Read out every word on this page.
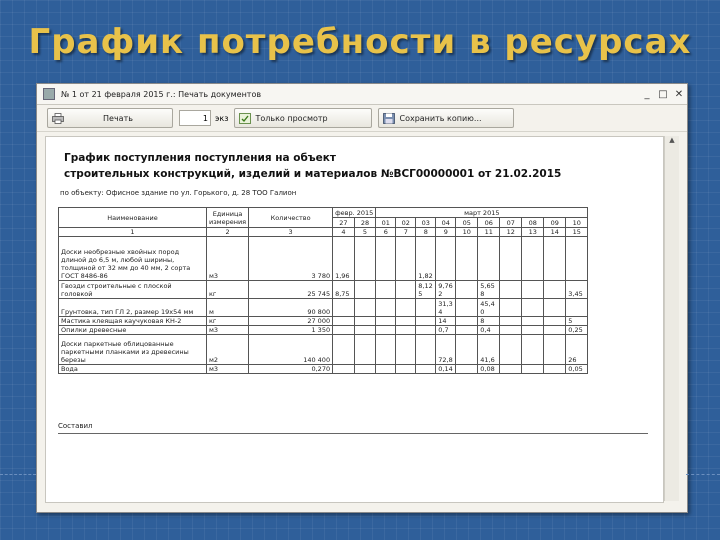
График потребности в ресурсах
№ 1 от 21 февраля 2015 г.: Печать документов	_ □ ✕
Печать
1	экз	Только просмотр	Сохранить копию...
График поступления поступления на объект
строительных конструкций, изделий и материалов №ВСГ00000001 от 21.02.2015
по объекту: Офисное здание по ул. Горького, д. 28 ТОО Галион
Наименование	Единица измерения	Количество	февр. 2015		март 2015									
			27	28	01	02	03	04	05	06	07	08	09	10
1	2	3	4	5	6	7	8	9	10	11	12	13	14	15
Доски необрезные хвойных пород длиной до 6,5 м, любой ширины, толщиной от 32 мм до 40 мм, 2 сорта ГОСТ 8486-86	м3	3 780	1,96				1,82							
Гвозди строительные с плоской головкой	кг	25 745	8,75				8,12 5	9,76 2		5,65 8				3,45
Грунтовка, тип ГЛ 2, размер 19x54 мм	м	90 800						31,3 4		45,4 0				
Мастика клеящая каучуковая КН-2	кг	27 000						14		8				5
Опилки древесные	м3	1 350						0,7		0,4				0,25
Доски паркетные облицованные паркетными планками из древесины березы	м2	140 400						72,8		41,6				26
Вода	м3	0,270						0,14		0,08				0,05
Составил
▲
